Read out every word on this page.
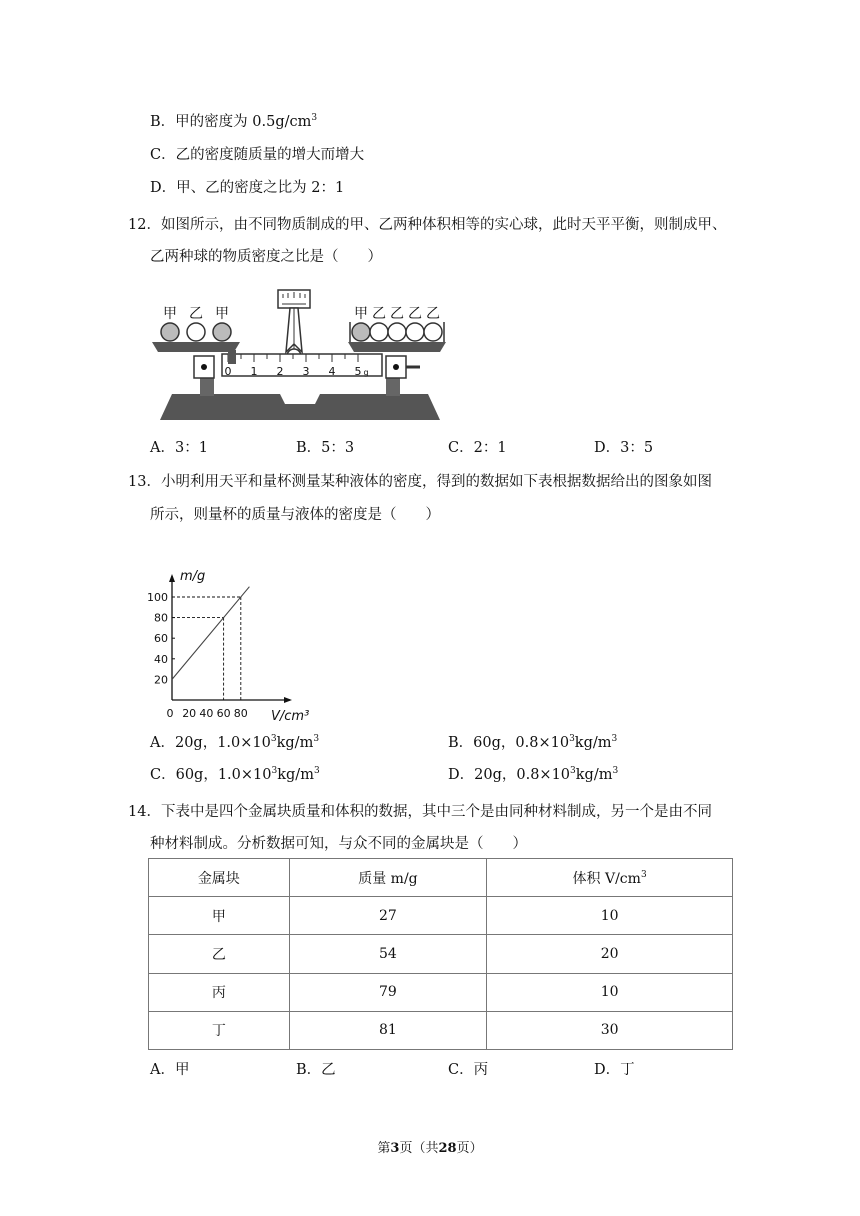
B．甲的密度为 $0.5g/cm^3$
C．乙的密度随质量的增大而增大
D．甲、乙的密度之比为 2：1
12．如图所示，由不同物质制成的甲、乙两种体积相等的实心球，此时天平平衡，则制成甲、
乙两种球的物质密度之比是（　　）
0 1 2 3 4 5 g
甲 乙 甲	甲 乙 乙 乙 乙
A．3：1	B．5：3	C．2：1	D．3：5
13．小明利用天平和量杯测量某种液体的密度，得到的数据如下表根据数据给出的图象如图
所示，则量杯的质量与液体的密度是（　　）
20
40
60
80
100
0 20 40 60 80
m/g
V/cm³
A．20g，$1.0\times 10^3kg/m^3$	B．60g，$0.8\times 10^3kg/m^3$
C．60g，$1.0\times 10^3kg/m^3$	D．20g，$0.8\times 10^3kg/m^3$
14．下表中是四个金属块质量和体积的数据，其中三个是由同种材料制成，另一个是由不同
种材料制成。分析数据可知，与众不同的金属块是（　　）
金属块	质量 m/g	体积 $V/cm^3$
甲	27	10
乙	54	20
丙	79	10
丁	81	30
A．甲	B．乙	C．丙	D．丁
第3页（共28页）
